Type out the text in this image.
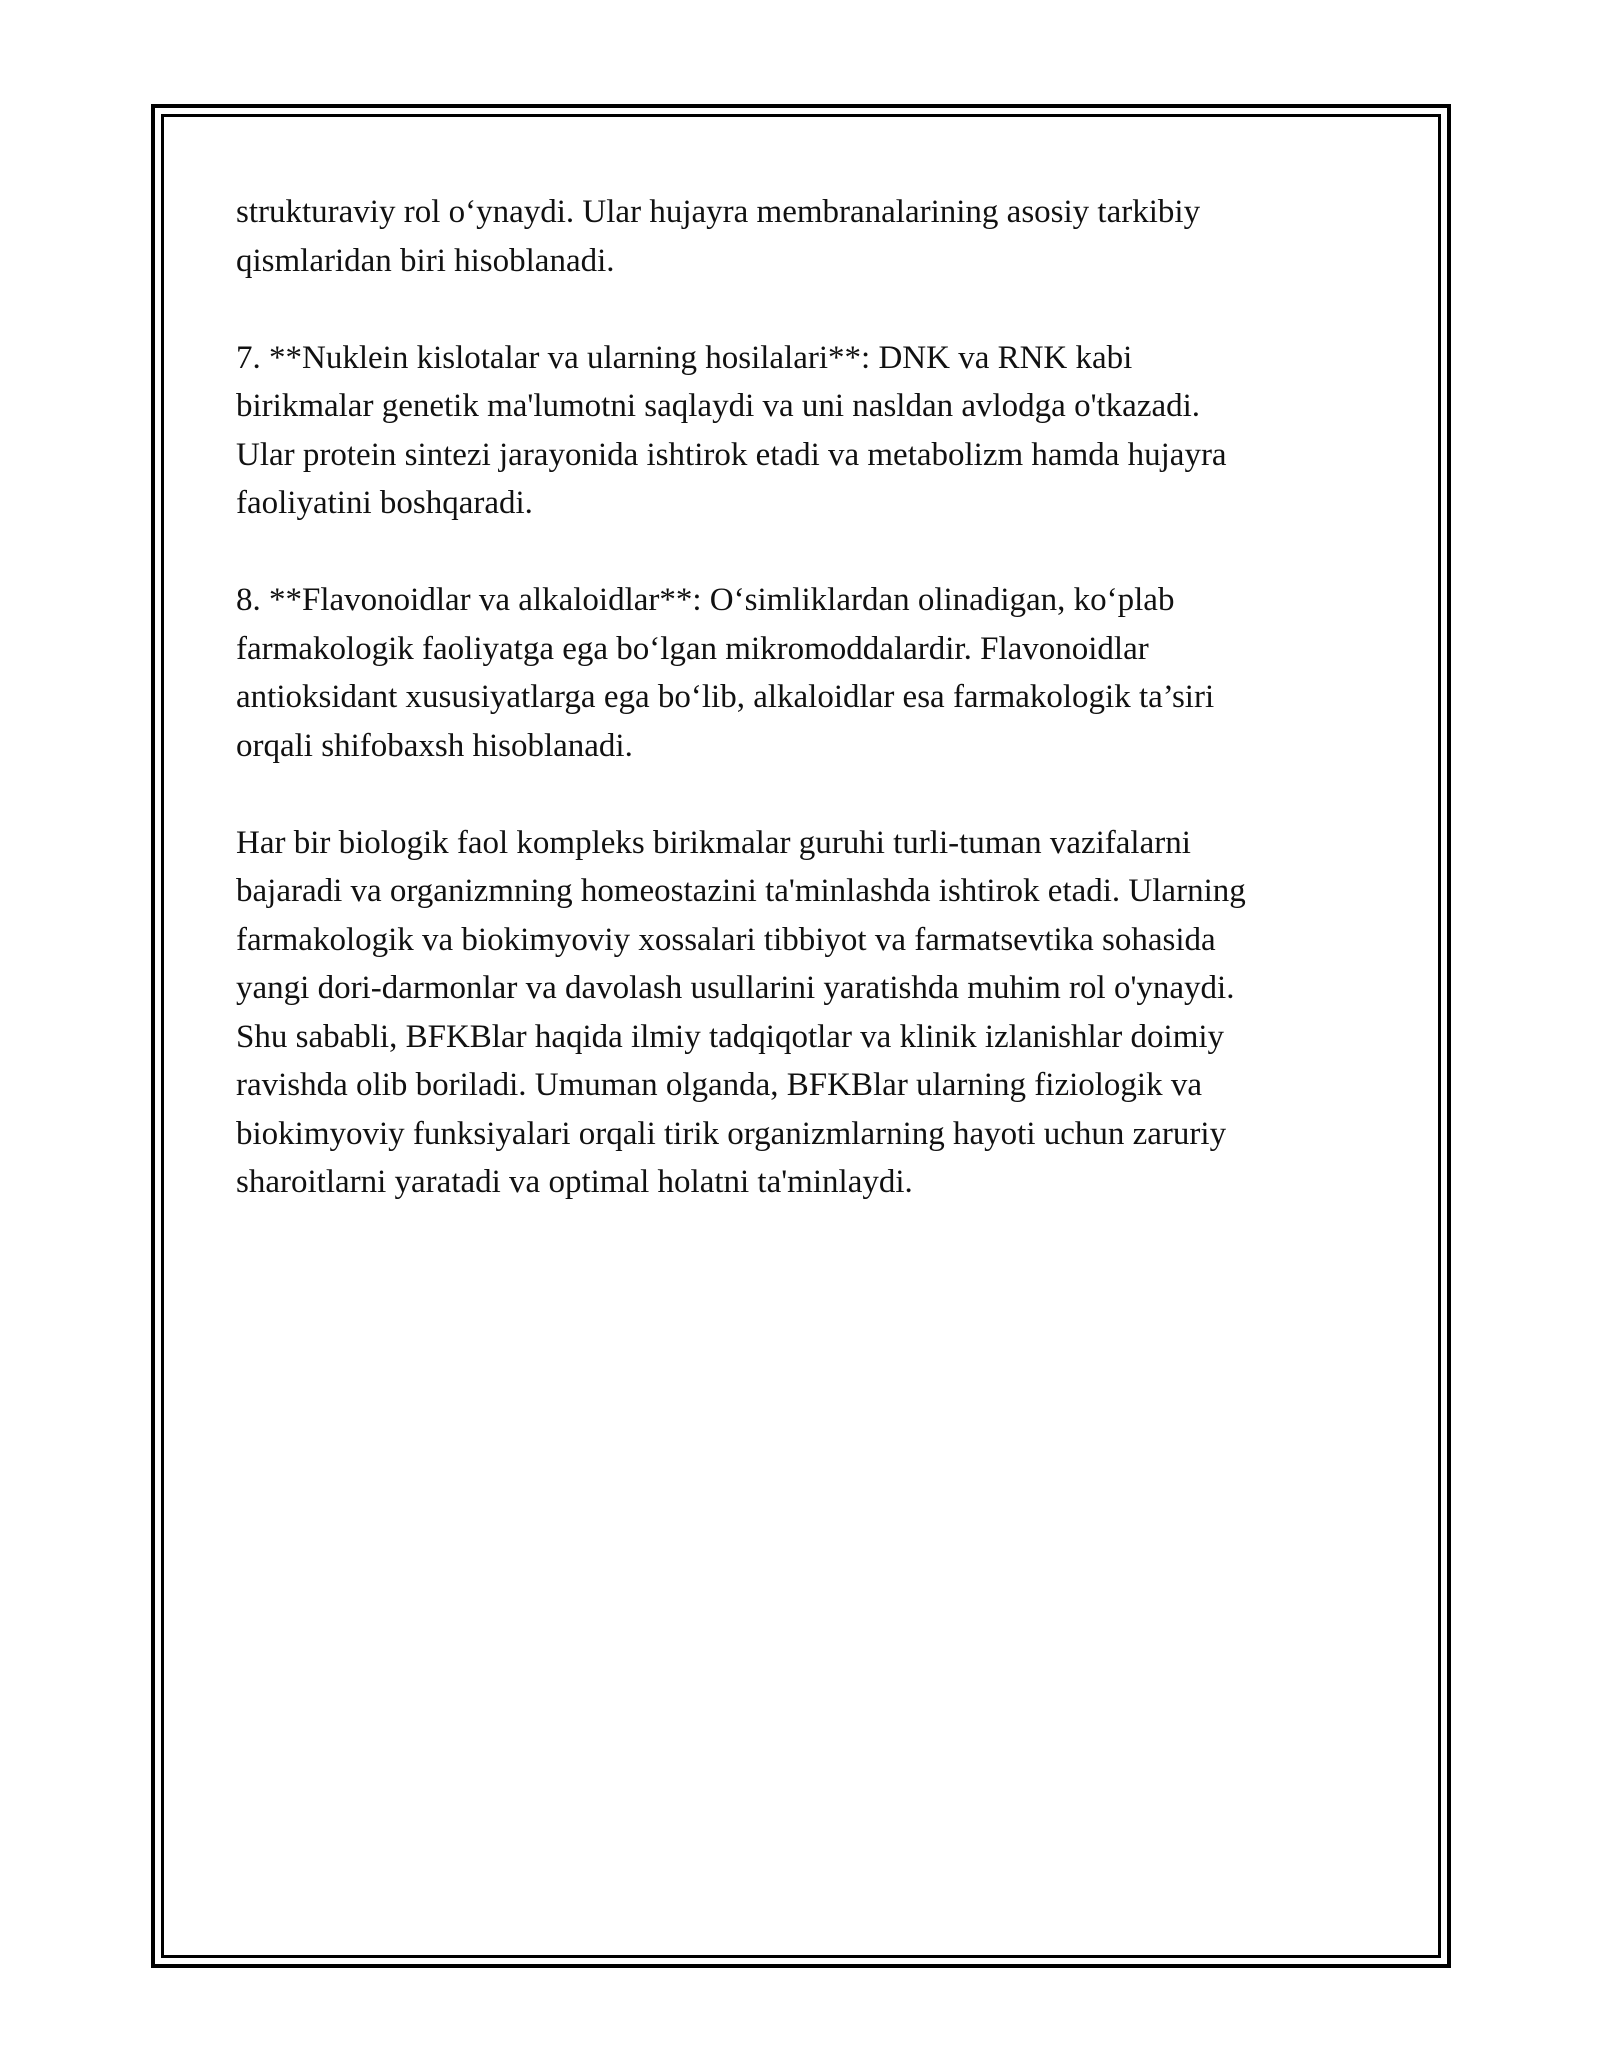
strukturaviy rol o‘ynaydi. Ular hujayra membranalarining asosiy tarkibiy
qismlaridan biri hisoblanadi.

7. **Nuklein kislotalar va ularning hosilalari**: DNK va RNK kabi
birikmalar genetik ma'lumotni saqlaydi va uni nasldan avlodga o'tkazadi.
Ular protein sintezi jarayonida ishtirok etadi va metabolizm hamda hujayra
faoliyatini boshqaradi.

8. **Flavonoidlar va alkaloidlar**: O‘simliklardan olinadigan, ko‘plab
farmakologik faoliyatga ega bo‘lgan mikromoddalardir. Flavonoidlar
antioksidant xususiyatlarga ega bo‘lib, alkaloidlar esa farmakologik ta’siri
orqali shifobaxsh hisoblanadi.

Har bir biologik faol kompleks birikmalar guruhi turli-tuman vazifalarni
bajaradi va organizmning homeostazini ta'minlashda ishtirok etadi. Ularning
farmakologik va biokimyoviy xossalari tibbiyot va farmatsevtika sohasida
yangi dori-darmonlar va davolash usullarini yaratishda muhim rol o'ynaydi.
Shu sababli, BFKBlar haqida ilmiy tadqiqotlar va klinik izlanishlar doimiy
ravishda olib boriladi. Umuman olganda, BFKBlar ularning fiziologik va
biokimyoviy funksiyalari orqali tirik organizmlarning hayoti uchun zaruriy
sharoitlarni yaratadi va optimal holatni ta'minlaydi.
